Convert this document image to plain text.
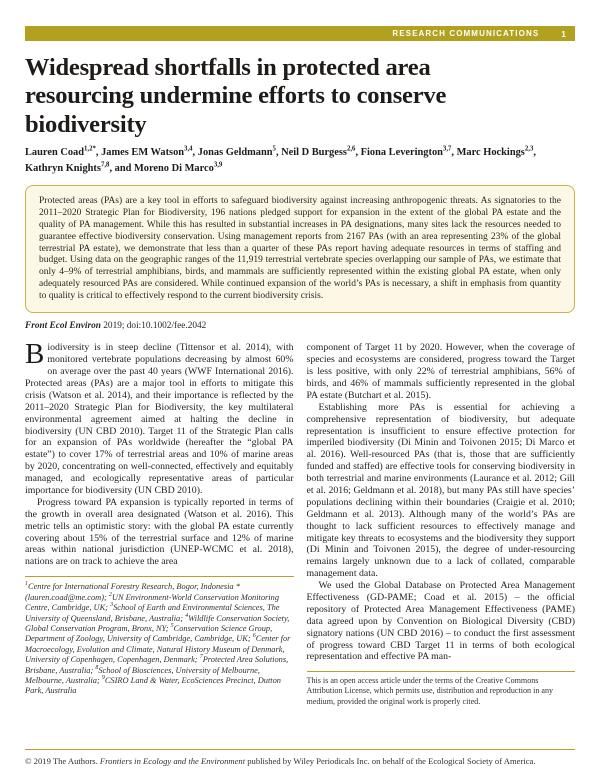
RESEARCH COMMUNICATIONS	1
Widespread shortfalls in protected area resourcing undermine efforts to conserve biodiversity
Lauren Coad$^{1,2*}$, James EM Watson$^{3,4}$, Jonas Geldmann$^5$, Neil D Burgess$^{2,6}$, Fiona Leverington$^{3,7}$, Marc Hockings$^{2,3}$, Kathryn Knights$^{7,8}$, and Moreno Di Marco$^{3,9}$
Protected areas (PAs) are a key tool in efforts to safeguard biodiversity against increasing anthropogenic threats. As signatories to the 2011–2020 Strategic Plan for Biodiversity, 196 nations pledged support for expansion in the extent of the global PA estate and the quality of PA management. While this has resulted in substantial increases in PA designations, many sites lack the resources needed to guarantee effective biodiversity conservation. Using management reports from 2167 PAs (with an area representing 23% of the global terrestrial PA estate), we demonstrate that less than a quarter of these PAs report having adequate resources in terms of staffing and budget. Using data on the geographic ranges of the 11,919 terrestrial vertebrate species overlapping our sample of PAs, we estimate that only 4–9% of terrestrial amphibians, birds, and mammals are sufficiently represented within the existing global PA estate, when only adequately resourced PAs are considered. While continued expansion of the world’s PAs is necessary, a shift in emphasis from quantity to quality is critical to effectively respond to the current biodiversity crisis.
Front Ecol Environ 2019; doi:10.1002/fee.2042

Biodiversity is in steep decline (Tittensor et al. 2014), with monitored vertebrate populations decreasing by almost 60% on average over the past 40 years (WWF International 2016). Protected areas (PAs) are a major tool in efforts to mitigate this crisis (Watson et al. 2014), and their importance is reflected by the 2011–2020 Strategic Plan for Biodiversity, the key multilateral environmental agreement aimed at halting the decline in biodiversity (UN CBD 2010). Target 11 of the Strategic Plan calls for an expansion of PAs worldwide (hereafter the “global PA estate”) to cover 17% of terrestrial areas and 10% of marine areas by 2020, concentrating on well-connected, effectively and equitably managed, and ecologically representative areas of particular importance for biodiversity (UN CBD 2010).

Progress toward PA expansion is typically reported in terms of the growth in overall area designated (Watson et al. 2016). This metric tells an optimistic story: with the global PA estate currently covering about 15% of the terrestrial surface and 12% of marine areas within national jurisdiction (UNEP-WCMC et al. 2018), nations are on track to achieve the area

$^1$Centre for International Forestry Research, Bogor, Indonesia *(lauren.coad@me.com); $^2$UN Environment-World Conservation Monitoring Centre, Cambridge, UK; $^3$School of Earth and Environmental Sciences, The University of Queensland, Brisbane, Australia; $^4$Wildlife Conservation Society, Global Conservation Program, Bronx, NY; $^5$Conservation Science Group, Department of Zoology, University of Cambridge, Cambridge, UK; $^6$Center for Macroecology, Evolution and Climate, Natural History Museum of Denmark, University of Copenhagen, Copenhagen, Denmark; $^7$Protected Area Solutions, Brisbane, Australia; $^8$School of Biosciences, University of Melbourne, Melbourne, Australia; $^9$CSIRO Land & Water, EcoSciences Precinct, Dutton Park, Australia

component of Target 11 by 2020. However, when the coverage of species and ecosystems are considered, progress toward the Target is less positive, with only 22% of terrestrial amphibians, 56% of birds, and 46% of mammals sufficiently represented in the global PA estate (Butchart et al. 2015).

Establishing more PAs is essential for achieving a comprehensive representation of biodiversity, but adequate representation is insufficient to ensure effective protection for imperiled biodiversity (Di Minin and Toivonen 2015; Di Marco et al. 2016). Well-resourced PAs (that is, those that are sufficiently funded and staffed) are effective tools for conserving biodiversity in both terrestrial and marine environments (Laurance et al. 2012; Gill et al. 2016; Geldmann et al. 2018), but many PAs still have species’ populations declining within their boundaries (Craigie et al. 2010; Geldmann et al. 2013). Although many of the world’s PAs are thought to lack sufficient resources to effectively manage and mitigate key threats to ecosystems and the biodiversity they support (Di Minin and Toivonen 2015), the degree of under-resourcing remains largely unknown due to a lack of collated, comparable management data.

We used the Global Database on Protected Area Management Effectiveness (GD-PAME; Coad et al. 2015) – the official repository of Protected Area Management Effectiveness (PAME) data agreed upon by Convention on Biological Diversity (CBD) signatory nations (UN CBD 2016) – to conduct the first assessment of progress toward CBD Target 11 in terms of both ecological representation and effective PA man-

This is an open access article under the terms of the Creative Commons Attribution License, which permits use, distribution and reproduction in any medium, provided the original work is properly cited.
© 2019 The Authors. Frontiers in Ecology and the Environment published by Wiley Periodicals Inc. on behalf of the Ecological Society of America.
